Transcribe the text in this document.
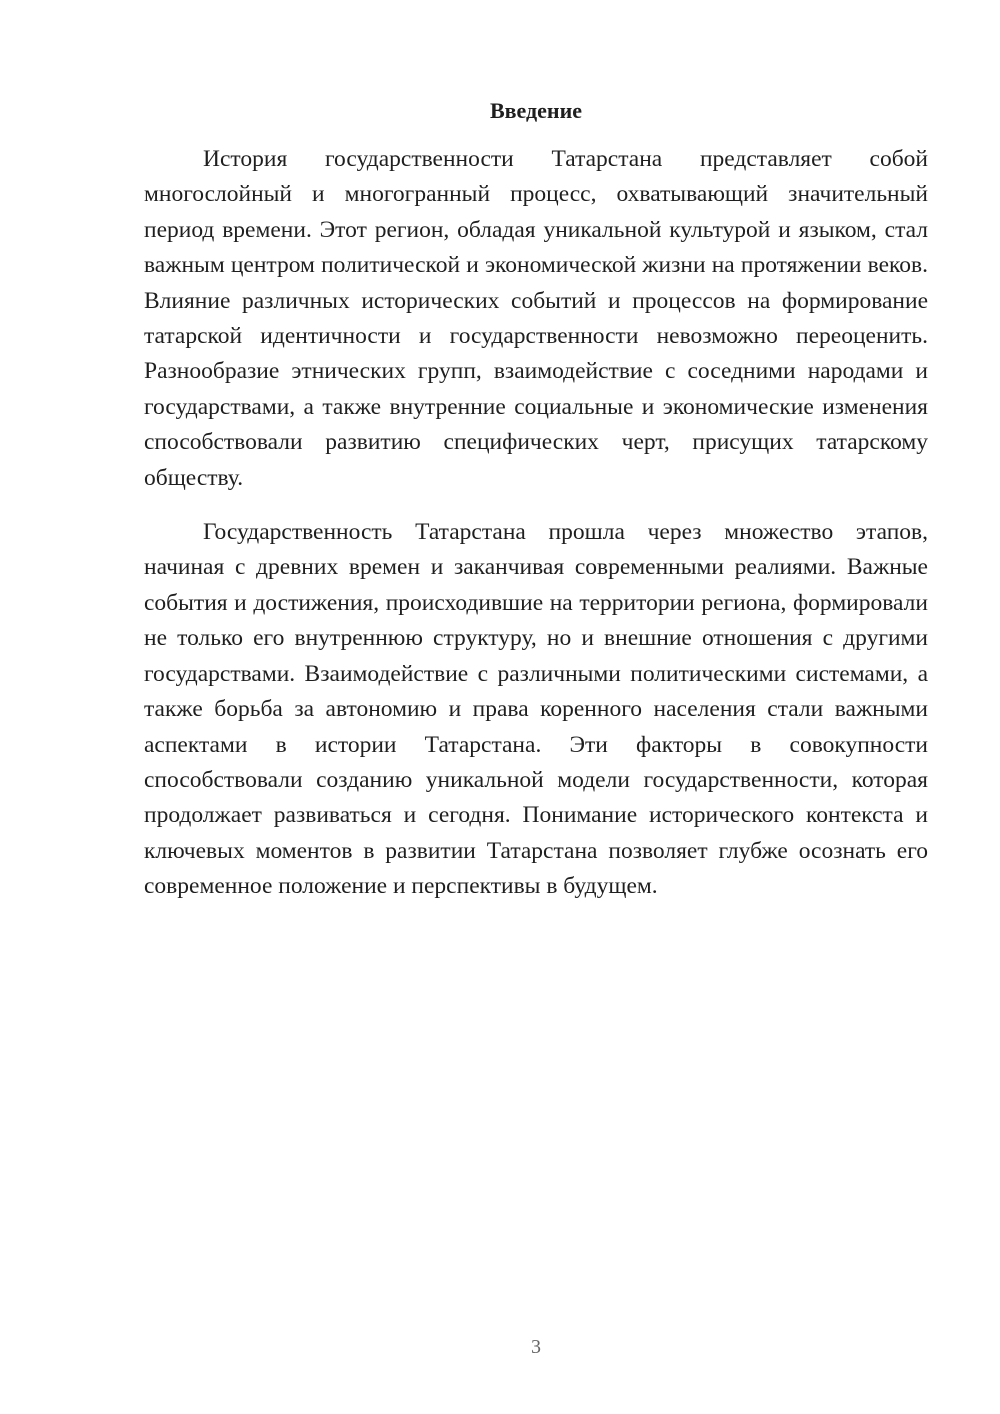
Введение

История государственности Татарстана представляет собой многослойный и многогранный процесс, охватывающий значительный период времени. Этот регион, обладая уникальной культурой и языком, стал важным центром политической и экономической жизни на протяжении веков. Влияние различных исторических событий и процессов на формирование татарской идентичности и государственности невозможно переоценить. Разнообразие этнических групп, взаимодействие с соседними народами и государствами, а также внутренние социальные и экономические изменения способствовали развитию специфических черт, присущих татарскому обществу.

Государственность Татарстана прошла через множество этапов, начиная с древних времен и заканчивая современными реалиями. Важные события и достижения, происходившие на территории региона, формировали не только его внутреннюю структуру, но и внешние отношения с другими государствами. Взаимодействие с различными политическими системами, а также борьба за автономию и права коренного населения стали важными аспектами в истории Татарстана. Эти факторы в совокупности способствовали созданию уникальной модели государственности, которая продолжает развиваться и сегодня. Понимание исторического контекста и ключевых моментов в развитии Татарстана позволяет глубже осознать его современное положение и перспективы в будущем.

3
